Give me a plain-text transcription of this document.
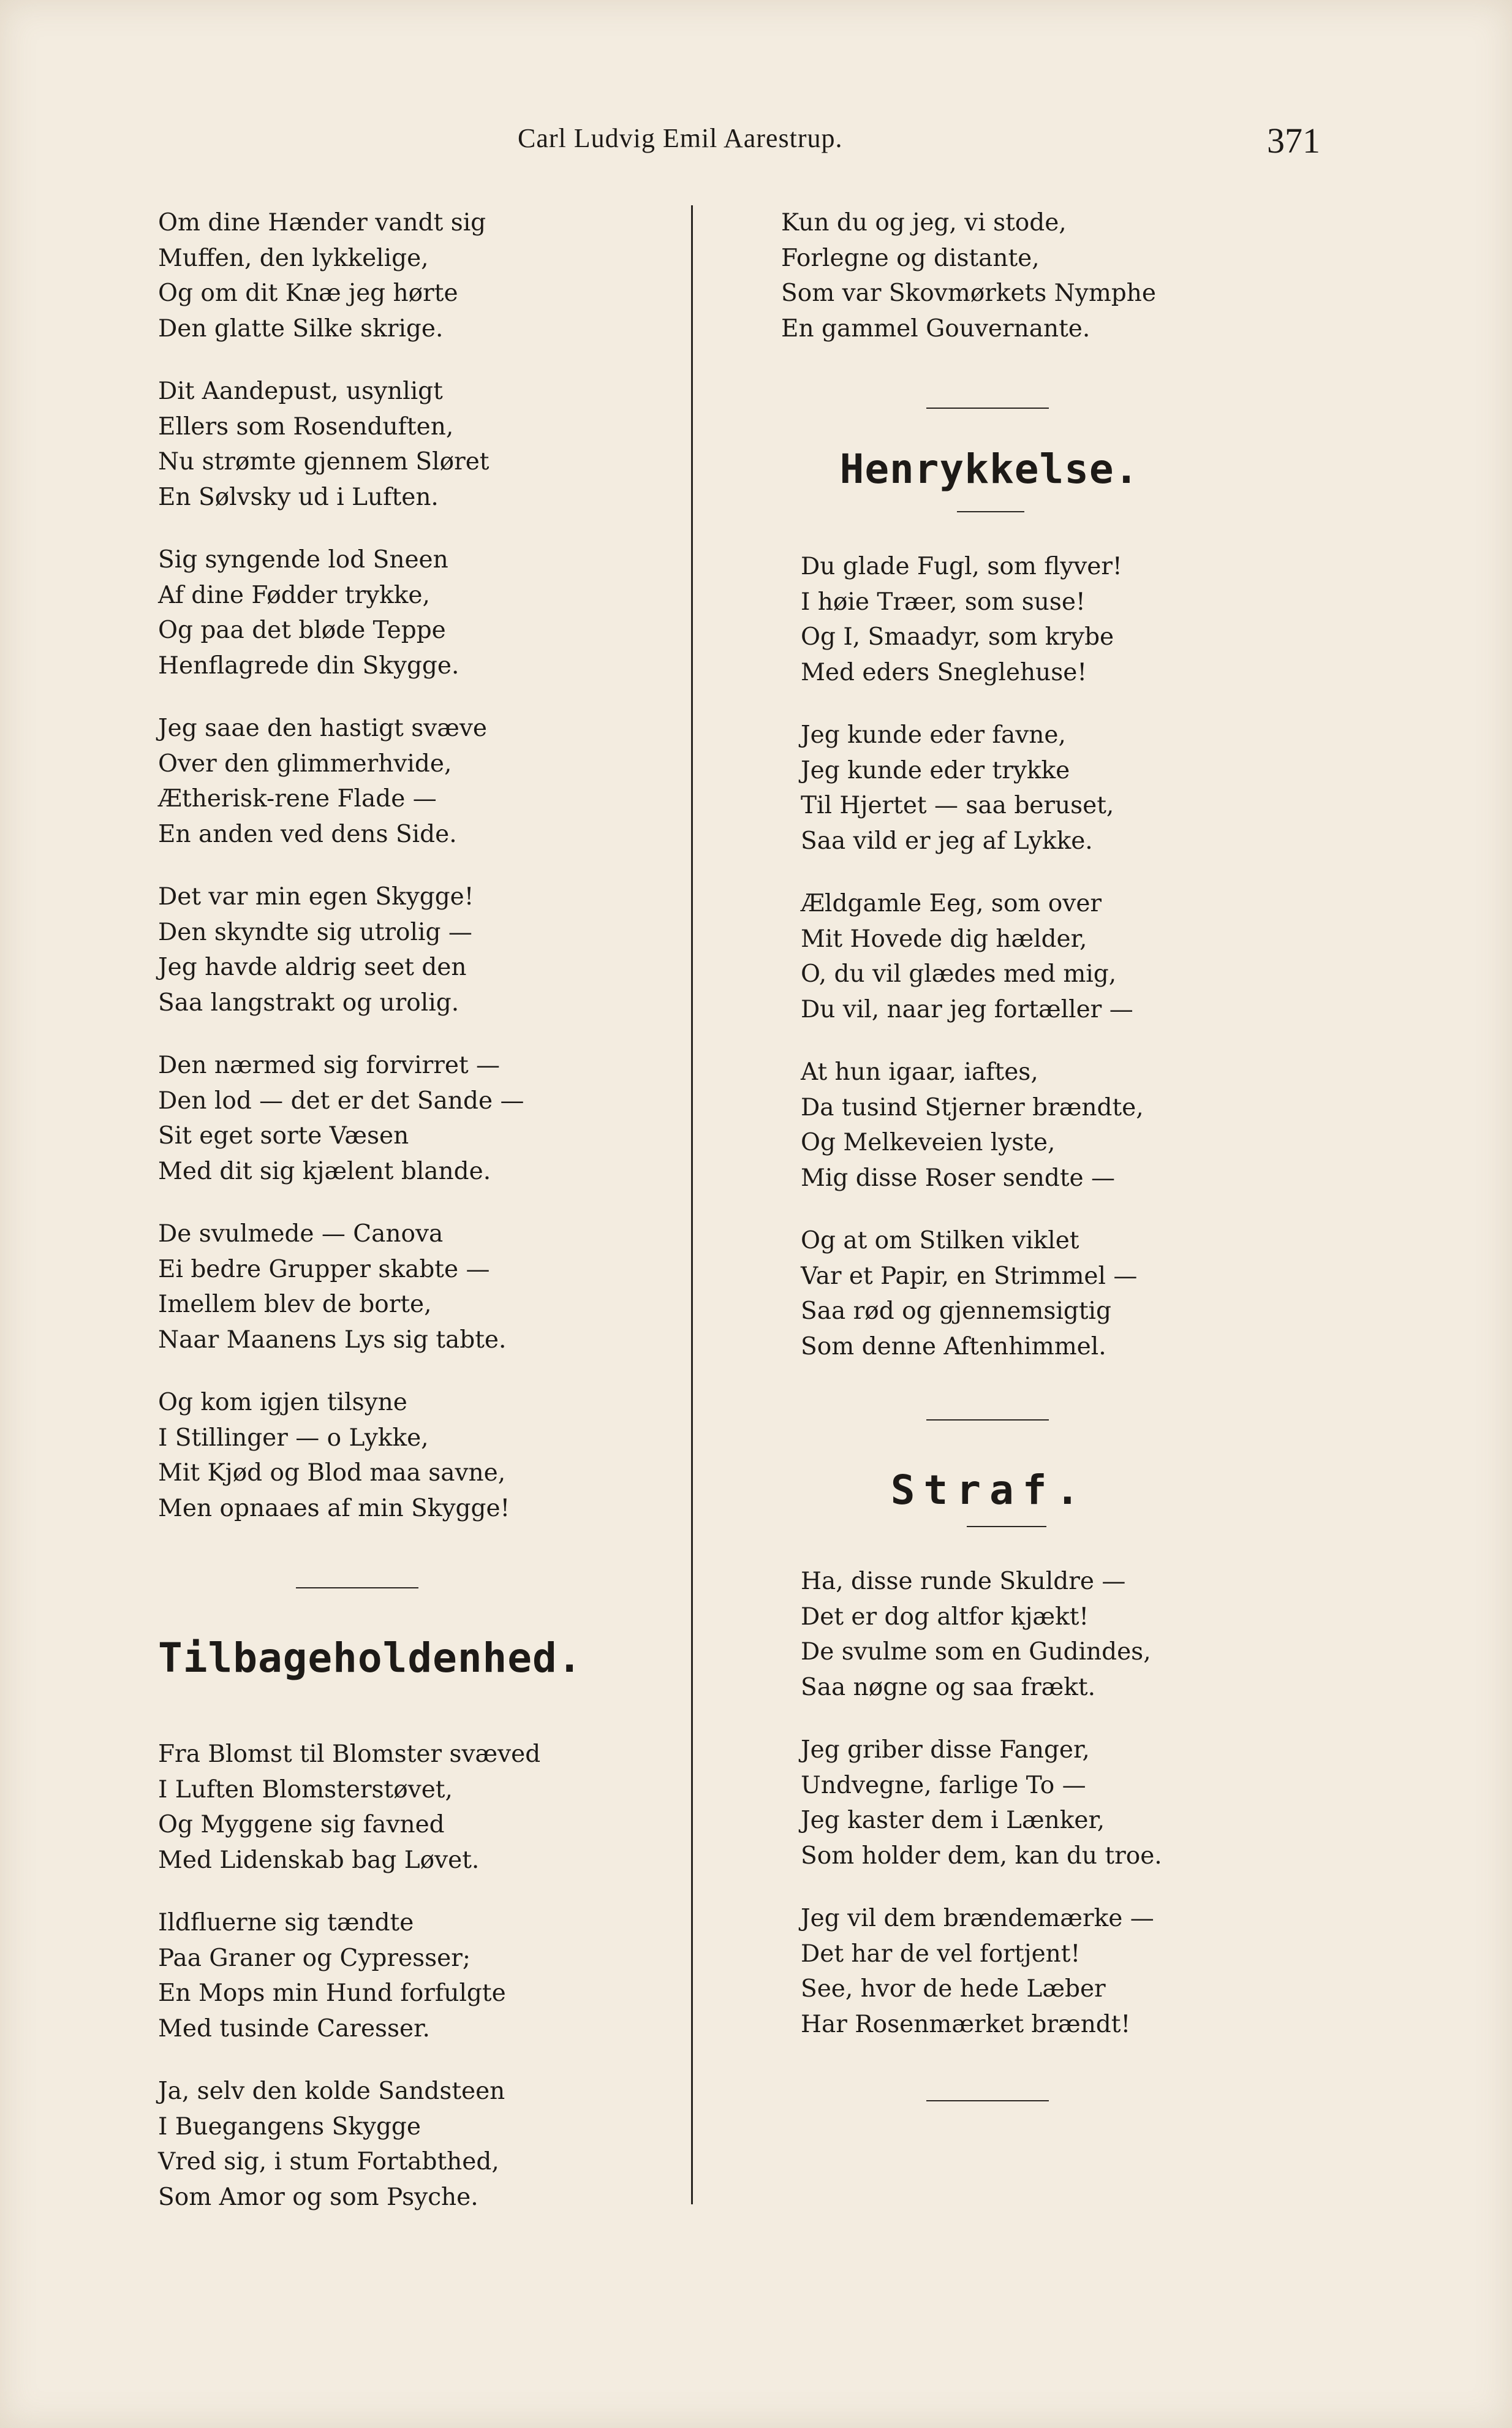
Carl Ludvig Emil Aarestrup.	371
Om dine Hænder vandt sig
Muffen, den lykkelige,
Og om dit Knæ jeg hørte
Den glatte Silke skrige.
Dit Aandepust, usynligt
Ellers som Rosenduften,
Nu strømte gjennem Sløret
En Sølvsky ud i Luften.
Sig syngende lod Sneen
Af dine Fødder trykke,
Og paa det bløde Teppe
Henflagrede din Skygge.
Jeg saae den hastigt svæve
Over den glimmerhvide,
Ætherisk-rene Flade —
En anden ved dens Side.
Det var min egen Skygge!
Den skyndte sig utrolig —
Jeg havde aldrig seet den
Saa langstrakt og urolig.
Den nærmed sig forvirret —
Den lod — det er det Sande —
Sit eget sorte Væsen
Med dit sig kjælent blande.
De svulmede — Canova
Ei bedre Grupper skabte —
Imellem blev de borte,
Naar Maanens Lys sig tabte.
Og kom igjen tilsyne
I Stillinger — o Lykke,
Mit Kjød og Blod maa savne,
Men opnaaes af min Skygge!
Tilbageholdenhed.
Fra Blomst til Blomster svæved
I Luften Blomsterstøvet,
Og Myggene sig favned
Med Lidenskab bag Løvet.
Ildfluerne sig tændte
Paa Graner og Cypresser;
En Mops min Hund forfulgte
Med tusinde Caresser.
Ja, selv den kolde Sandsteen
I Buegangens Skygge
Vred sig, i stum Fortabthed,
Som Amor og som Psyche.
Kun du og jeg, vi stode,
Forlegne og distante,
Som var Skovmørkets Nymphe
En gammel Gouvernante.
Henrykkelse.
Du glade Fugl, som flyver!
I høie Træer, som suse!
Og I, Smaadyr, som krybe
Med eders Sneglehuse!
Jeg kunde eder favne,
Jeg kunde eder trykke
Til Hjertet — saa beruset,
Saa vild er jeg af Lykke.
Ældgamle Eeg, som over
Mit Hovede dig hælder,
O, du vil glædes med mig,
Du vil, naar jeg fortæller —
At hun igaar, iaftes,
Da tusind Stjerner brændte,
Og Melkeveien lyste,
Mig disse Roser sendte —
Og at om Stilken viklet
Var et Papir, en Strimmel —
Saa rød og gjennemsigtig
Som denne Aftenhimmel.
Straf.
Ha, disse runde Skuldre —
Det er dog altfor kjækt!
De svulme som en Gudindes,
Saa nøgne og saa frækt.
Jeg griber disse Fanger,
Undvegne, farlige To —
Jeg kaster dem i Lænker,
Som holder dem, kan du troe.
Jeg vil dem brændemærke —
Det har de vel fortjent!
See, hvor de hede Læber
Har Rosenmærket brændt!
